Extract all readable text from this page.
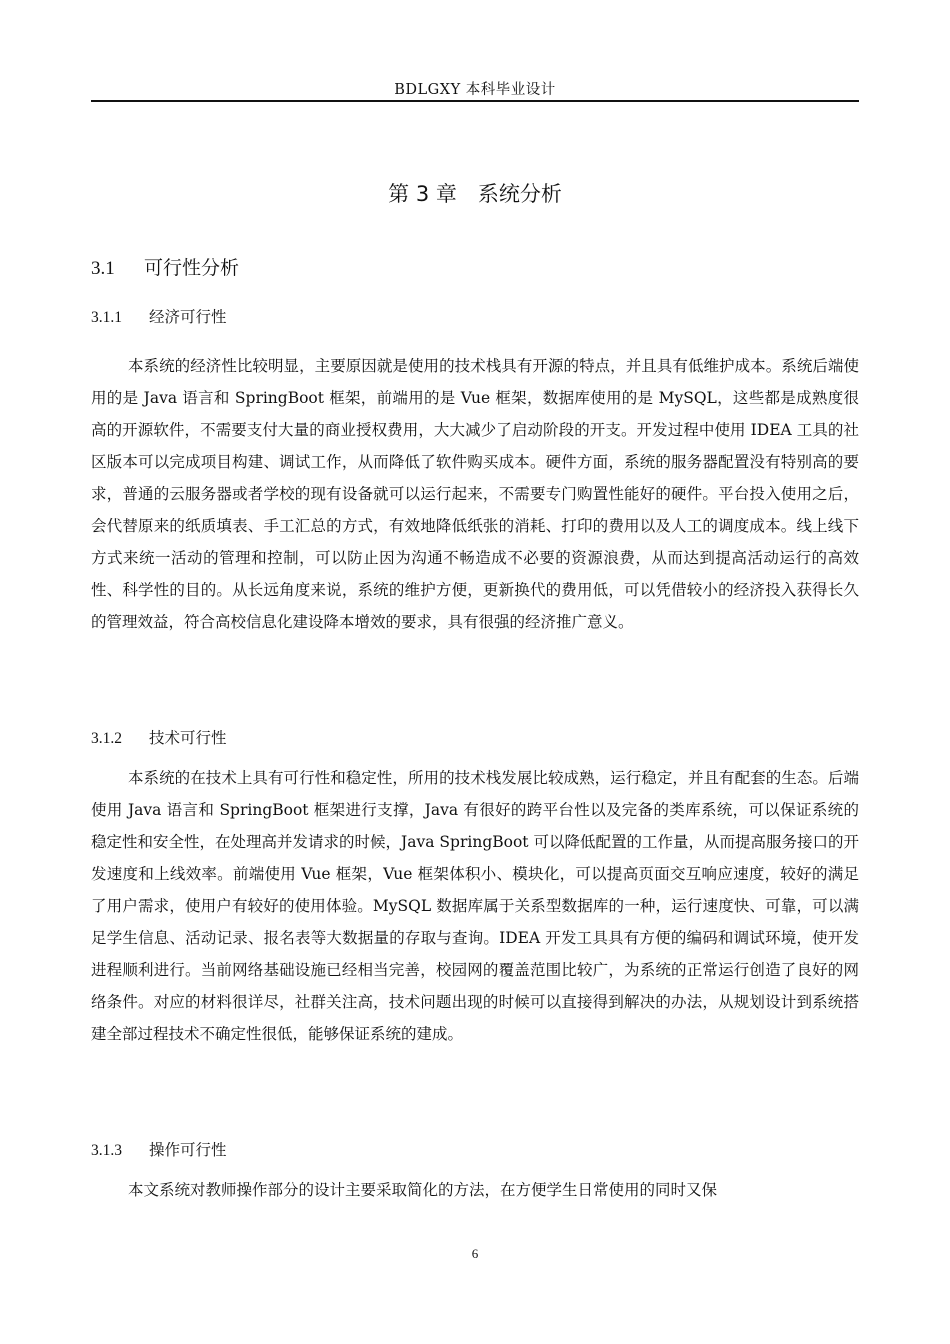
BDLGXY 本科毕业设计
第 3 章　系统分析
3.1 可行性分析
3.1.1 经济可行性

本系统的经济性比较明显，主要原因就是使用的技术栈具有开源的特点，并且具有低维护成本。系统后端使用的是 Java 语言和 SpringBoot 框架，前端用的是 Vue 框架，数据库使用的是 MySQL，这些都是成熟度很高的开源软件，不需要支付大量的商业授权费用，大大减少了启动阶段的开支。开发过程中使用 IDEA 工具的社区版本可以完成项目构建、调试工作，从而降低了软件购买成本。硬件方面，系统的服务器配置没有特别高的要求，普通的云服务器或者学校的现有设备就可以运行起来，不需要专门购置性能好的硬件。平台投入使用之后，会代替原来的纸质填表、手工汇总的方式，有效地降低纸张的消耗、打印的费用以及人工的调度成本。线上线下方式来统一活动的管理和控制，可以防止因为沟通不畅造成不必要的资源浪费，从而达到提高活动运行的高效性、科学性的目的。从长远角度来说，系统的维护方便，更新换代的费用低，可以凭借较小的经济投入获得长久的管理效益，符合高校信息化建设降本增效的要求，具有很强的经济推广意义。

3.1.2 技术可行性

本系统的在技术上具有可行性和稳定性，所用的技术栈发展比较成熟，运行稳定，并且有配套的生态。后端使用 Java 语言和 SpringBoot 框架进行支撑，Java 有很好的跨平台性以及完备的类库系统，可以保证系统的稳定性和安全性，在处理高并发请求的时候，Java SpringBoot 可以降低配置的工作量，从而提高服务接口的开发速度和上线效率。前端使用 Vue 框架，Vue 框架体积小、模块化，可以提高页面交互响应速度，较好的满足了用户需求，使用户有较好的使用体验。MySQL 数据库属于关系型数据库的一种，运行速度快、可靠，可以满足学生信息、活动记录、报名表等大数据量的存取与查询。IDEA 开发工具具有方便的编码和调试环境，使开发进程顺利进行。当前网络基础设施已经相当完善，校园网的覆盖范围比较广，为系统的正常运行创造了良好的网络条件。对应的材料很详尽，社群关注高，技术问题出现的时候可以直接得到解决的办法，从规划设计到系统搭建全部过程技术不确定性很低，能够保证系统的建成。

3.1.3 操作可行性

本文系统对教师操作部分的设计主要采取简化的方法，在方便学生日常使用的同时又保

6
